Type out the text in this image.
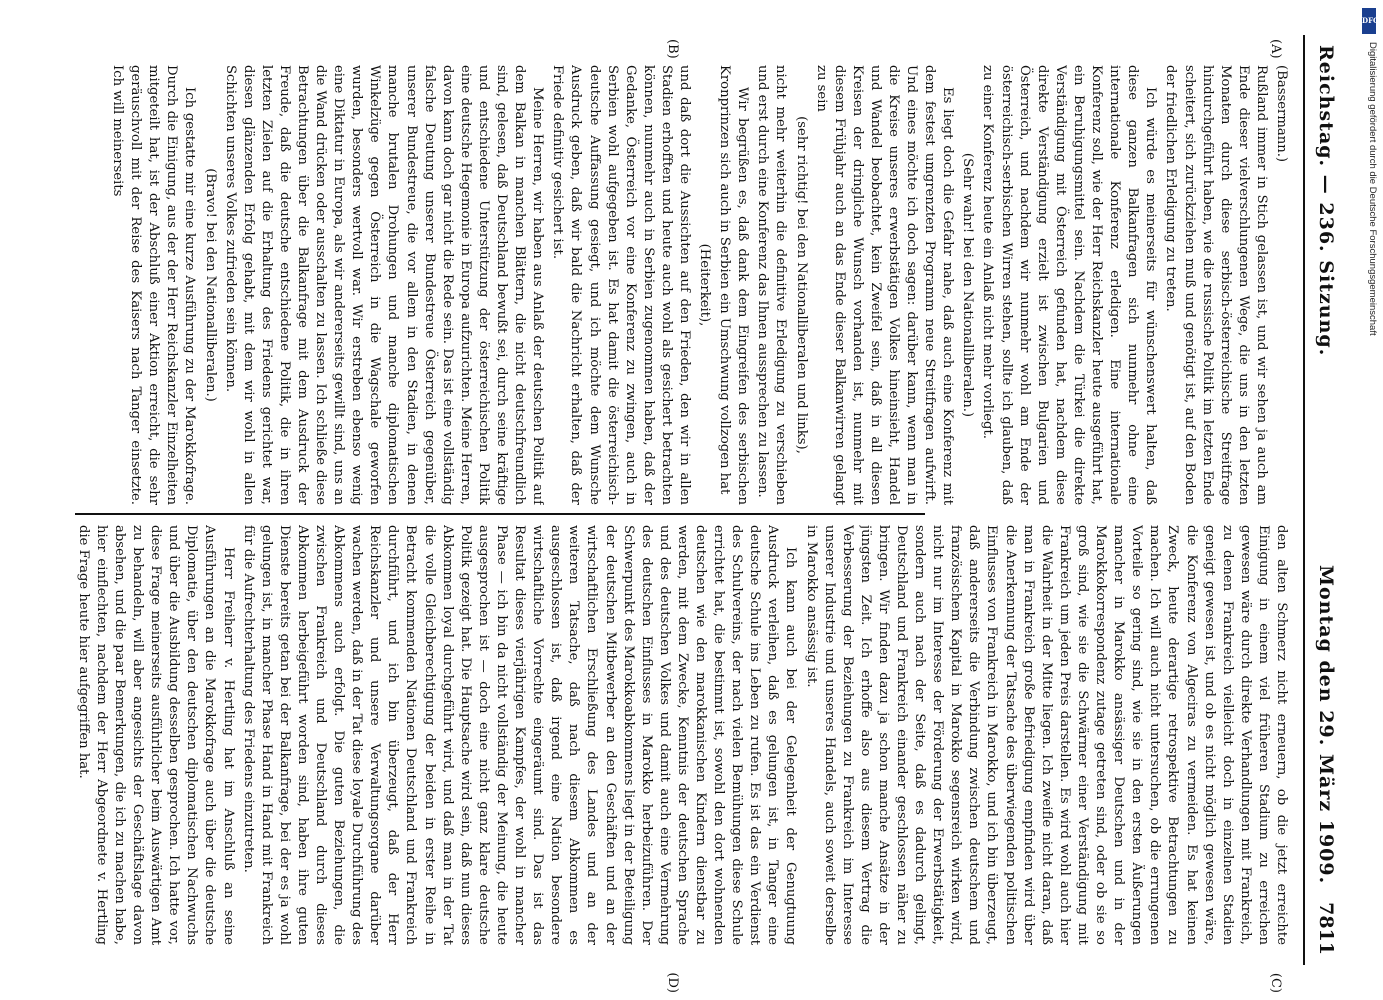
Reichstag. — 236. Sitzung.
Montag den 29. März 1909.
7811
(A)
(B)
(C)
(D)

(Bassermann.)

Rußland immer in Stich gelassen ist, und wir sehen ja auch am Ende dieser vielverschlungenen Wege, die uns in den letzten Monaten durch diese serbisch-österreichische Streitfrage hindurchgeführt haben, wie die russische Politik im letzten Ende scheitert, sich zurückziehen muß und genötigt ist, auf den Boden der friedlichen Erledigung zu treten.

Ich würde es meinerseits für wünschenswert halten, daß diese ganzen Balkanfragen sich nunmehr ohne eine internationale Konferenz erledigen. Eine internationale Konferenz soll, wie der Herr Reichskanzler heute ausgeführt hat, ein Beruhigungsmittel sein. Nachdem die Türkei die direkte Verständigung mit Österreich gefunden hat, nachdem diese direkte Verständigung erzielt ist zwischen Bulgarien und Österreich, und nachdem wir nunmehr wohl am Ende der österreichisch-serbischen Wirren stehen, sollte ich glauben, daß zu einer Konferenz heute ein Anlaß nicht mehr vorliegt.

(Sehr wahr! bei den Nationalliberalen.)

Es liegt doch die Gefahr nahe, daß auch eine Konferenz mit dem festest umgrenzten Programm neue Streitfragen aufwirft. Und eines möchte ich doch sagen: darüber kann, wenn man in die Kreise unseres erwerbstätigen Volkes hineinsieht, Handel und Wandel beobachtet, kein Zweifel sein, daß in all diesen Kreisen der dringliche Wunsch vorhanden ist, nunmehr mit diesem Frühjahr auch an das Ende dieser Balkanwirren gelangt zu sein

(sehr richtig! bei den Nationalliberalen und links),

nicht mehr weiterhin die definitive Erledigung zu verschieben und erst durch eine Konferenz das Ihnen aussprechen zu lassen.

Wir begrüßen es, daß dank dem Eingreifen des serbischen Kronprinzen sich auch in Serbien ein Umschwung vollzogen hat

(Heiterkeit),

und daß dort die Aussichten auf den Frieden, den wir in allen Stadien erhofften und heute auch wohl als gesichert betrachten können, nunmehr auch in Serbien zugenommen haben, daß der Gedanke, Österreich vor eine Konferenz zu zwingen, auch in Serbien wohl aufgegeben ist. Es hat damit die österreichisch-deutsche Auffassung gesiegt, und ich möchte dem Wunsche Ausdruck geben, daß wir bald die Nachricht erhalten, daß der Friede definitiv gesichert ist.

Meine Herren, wir haben aus Anlaß der deutschen Politik auf dem Balkan in manchen Blättern, die nicht deutschfreundlich sind, gelesen, daß Deutschland bewußt sei, durch seine kräftige und entschiedene Unterstützung der österreichischen Politik eine deutsche Hegemonie in Europa aufzurichten. Meine Herren, davon kann doch gar nicht die Rede sein. Das ist eine vollständig falsche Deutung unserer Bundestreue Österreich gegenüber, unserer Bundestreue, die vor allem in den Stadien, in denen manche brutalen Drohungen und manche diplomatischen Winkelzüge gegen Österreich in die Wagschale geworfen wurden, besonders wertvoll war. Wir erstreben ebenso wenig eine Diktatur in Europa, als wir andererseits gewillt sind, uns an die Wand drücken oder ausschalten zu lassen. Ich schließe diese Betrachtungen über die Balkanfrage mit dem Ausdruck der Freude, daß die deutsche entschiedene Politik, die in ihren letzten Zielen auf die Erhaltung des Friedens gerichtet war, diesen glänzenden Erfolg gehabt, mit dem wir wohl in allen Schichten unseres Volkes zufrieden sein können.

(Bravo! bei den Nationalliberalen.)

Ich gestatte mir eine kurze Ausführung zu der Marokkofrage. Durch die Einigung, aus der der Herr Reichskanzler Einzelheiten mitgeteilt hat, ist der Abschluß einer Aktion erreicht, die sehr geräuschvoll mit der Reise des Kaisers nach Tanger einsetzte. Ich will meinerseits

den alten Schmerz nicht erneuern, ob die jetzt erreichte Einigung in einem viel früheren Stadium zu erreichen gewesen wäre durch direkte Verhandlungen mit Frankreich, zu denen Frankreich vielleicht doch in einzelnen Stadien geneigt gewesen ist, und ob es nicht möglich gewesen wäre, die Konferenz von Algeciras zu vermeiden. Es hat keinen Zweck, heute derartige retrospektive Betrachtungen zu machen. Ich will auch nicht untersuchen, ob die errungenen Vorteile so gering sind, wie sie in den ersten Äußerungen mancher in Marokko ansässiger Deutschen und in der Marokkokorrespondenz zutage getreten sind, oder ob sie so groß sind, wie sie die Schwärmer einer Verständigung mit Frankreich um jeden Preis darstellen. Es wird wohl auch hier die Wahrheit in der Mitte liegen. Ich zweifle nicht daran, daß man in Frankreich große Befriedigung empfinden wird über die Anerkennung der Tatsache des überwiegenden politischen Einflusses von Frankreich in Marokko, und ich bin überzeugt, daß andererseits die Verbindung zwischen deutschem und französischem Kapital in Marokko segensreich wirken wird, nicht nur im Interesse der Förderung der Erwerbstätigkeit, sondern auch nach der Seite, daß es dadurch gelingt, Deutschland und Frankreich einander geschlossen näher zu bringen. Wir finden dazu ja schon manche Ansätze in der jüngsten Zeit. Ich erhoffe also aus diesem Vertrag die Verbesserung der Beziehungen zu Frankreich im Interesse unserer Industrie und unseres Handels, auch soweit derselbe in Marokko ansässig ist.

Ich kann auch bei der Gelegenheit der Genugtuung Ausdruck verleihen, daß es gelungen ist, in Tanger eine deutsche Schule ins Leben zu rufen. Es ist das ein Verdienst des Schulvereins, der nach vielen Bemühungen diese Schule errichtet hat, die bestimmt ist, sowohl den dort wohnenden deutschen wie den marokkanischen Kindern dienstbar zu werden, mit dem Zwecke, Kenntnis der deutschen Sprache und des deutschen Volkes und damit auch eine Vermehrung des deutschen Einflusses in Marokko herbeizuführen. Der Schwerpunkt des Marokkoabkommens liegt in der Beteiligung der deutschen Mitbewerber an den Geschäften und an der wirtschaftlichen Erschließung des Landes und an der weiteren Tatsache, daß nach diesem Abkommen es ausgeschlossen ist, daß irgend eine Nation besondere wirtschaftliche Vorrechte eingeräumt sind. Das ist das Resultat dieses vierjährigen Kampfes, der wohl in mancher Phase — ich bin da nicht vollständig der Meinung, die heute ausgesprochen ist — doch eine nicht ganz klare deutsche Politik gezeigt hat. Die Hauptsache wird sein, daß nun dieses Abkommen loyal durchgeführt wird, und daß man in der Tat die volle Gleichberechtigung der beiden in erster Reihe in Betracht kommenden Nationen Deutschland und Frankreich durchführt, und ich bin überzeugt, daß der Herr Reichskanzler und unsere Verwaltungsorgane darüber wachen werden, daß in der Tat diese loyale Durchführung des Abkommens auch erfolgt. Die guten Beziehungen, die zwischen Frankreich und Deutschland durch dieses Abkommen herbeigeführt worden sind, haben ihre guten Dienste bereits getan bei der Balkanfrage, bei der es ja wohl gelungen ist, in mancher Phase Hand in Hand mit Frankreich für die Aufrechterhaltung des Friedens einzutreten.

Herr Freiherr v. Hertling hat im Anschluß an seine Ausführungen an die Marokkofrage auch über die deutsche Diplomatie, über den deutschen diplomatischen Nachwuchs und über die Ausbildung desselben gesprochen. Ich hatte vor, diese Frage meinerseits ausführlicher beim Auswärtigen Amt zu behandeln, will aber angesichts der Geschäftslage davon absehen, und die paar Bemerkungen, die ich zu machen habe, hier einflechten, nachdem der Herr Abgeordnete v. Hertling die Frage heute hier aufgegriffen hat.

DFG
Digitalisierung gefördert durch die Deutsche Forschungsgemeinschaft
